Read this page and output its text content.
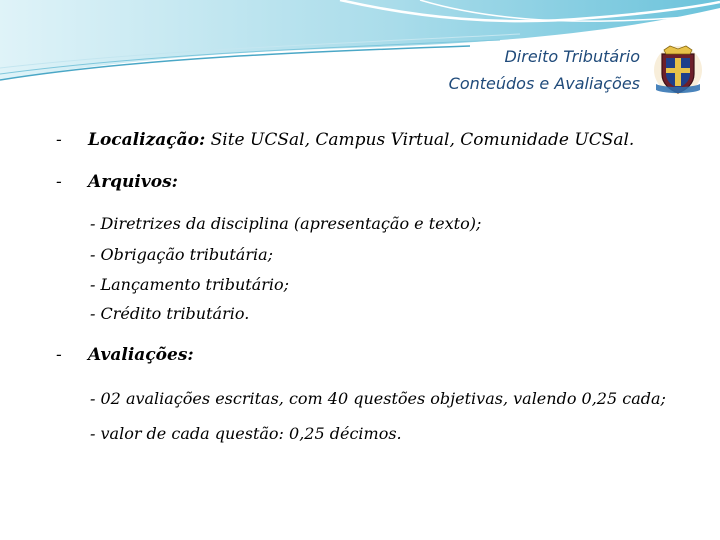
Direito Tributário
Conteúdos e Avaliações
- Localização: Site UCSal, Campus Virtual, Comunidade UCSal.
- Arquivos:
- Diretrizes da disciplina (apresentação e texto);
- Obrigação tributária;
- Lançamento tributário;
- Crédito tributário.
- Avaliações:
- 02 avaliações escritas, com 40 questões objetivas, valendo 0,25 cada;
- valor de cada questão: 0,25 décimos.
